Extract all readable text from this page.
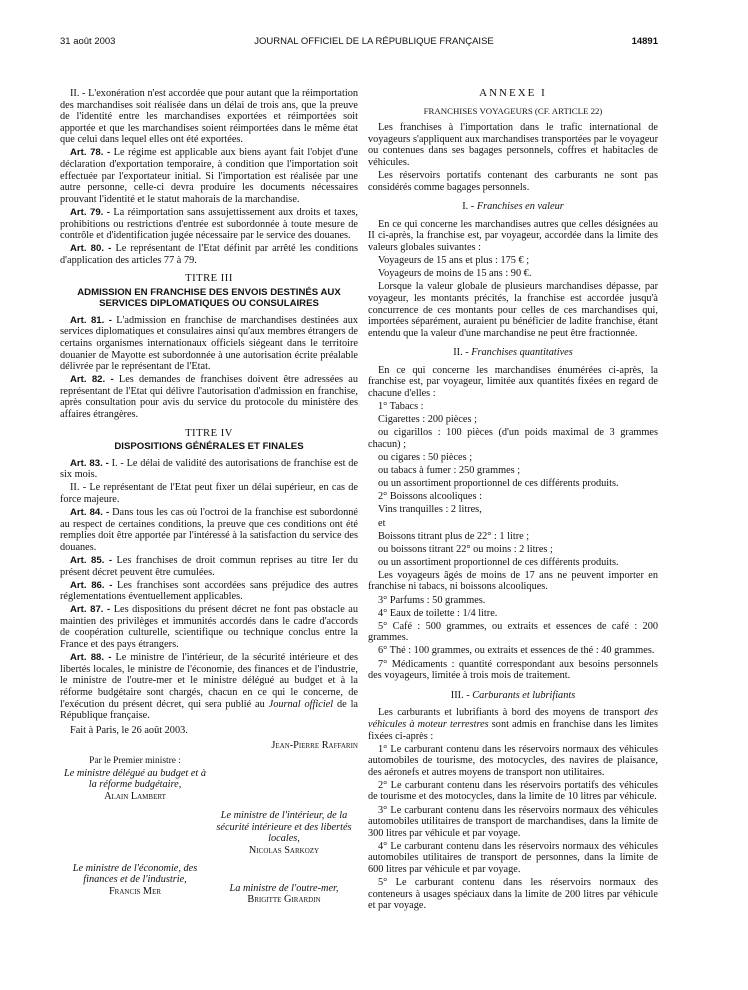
31 août 2003	JOURNAL OFFICIEL DE LA RÉPUBLIQUE FRANÇAISE	14891

II. - L'exonération n'est accordée que pour autant que la réimportation des marchandises soit réalisée dans un délai de trois ans, que la preuve de l'identité entre les marchandises exportées et réimportées soit apportée et que les marchandises soient réimportées dans le même état que celui dans lequel elles ont été exportées.

Art. 78. - Le régime est applicable aux biens ayant fait l'objet d'une déclaration d'exportation temporaire, à condition que l'importation soit effectuée par l'exportateur initial. Si l'importation est réalisée par une autre personne, celle-ci devra produire les documents nécessaires prouvant l'identité et le statut mahorais de la marchandise.

Art. 79. - La réimportation sans assujettissement aux droits et taxes, prohibitions ou restrictions d'entrée est subordonnée à toute mesure de contrôle et d'identification jugée nécessaire par le service des douanes.

Art. 80. - Le représentant de l'Etat définit par arrêté les conditions d'application des articles 77 à 79.

TITRE III

ADMISSION EN FRANCHISE DES ENVOIS DESTINÉS AUX SERVICES DIPLOMATIQUES OU CONSULAIRES

Art. 81. - L'admission en franchise de marchandises destinées aux services diplomatiques et consulaires ainsi qu'aux membres étrangers de certains organismes internationaux officiels siégeant dans le territoire douanier de Mayotte est subordonnée à une autorisation écrite préalable délivrée par le représentant de l'Etat.

Art. 82. - Les demandes de franchises doivent être adressées au représentant de l'Etat qui délivre l'autorisation d'admission en franchise, après consultation pour avis du service du protocole du ministère des affaires étrangères.

TITRE IV

DISPOSITIONS GÉNÉRALES ET FINALES

Art. 83. - I. - Le délai de validité des autorisations de franchise est de six mois.

II. - Le représentant de l'Etat peut fixer un délai supérieur, en cas de force majeure.

Art. 84. - Dans tous les cas où l'octroi de la franchise est subordonné au respect de certaines conditions, la preuve que ces conditions ont été remplies doit être apportée par l'intéressé à la satisfaction du service des douanes.

Art. 85. - Les franchises de droit commun reprises au titre Ier du présent décret peuvent être cumulées.

Art. 86. - Les franchises sont accordées sans préjudice des autres réglementations éventuellement applicables.

Art. 87. - Les dispositions du présent décret ne font pas obstacle au maintien des privilèges et immunités accordés dans le cadre d'accords de coopération culturelle, scientifique ou technique conclus entre la France et des pays étrangers.

Art. 88. - Le ministre de l'intérieur, de la sécurité intérieure et des libertés locales, le ministre de l'économie, des finances et de l'industrie, le ministre de l'outre-mer et le ministre délégué au budget et à la réforme budgétaire sont chargés, chacun en ce qui le concerne, de l'exécution du présent décret, qui sera publié au Journal officiel de la République française.

Fait à Paris, le 26 août 2003.

Jean-Pierre Raffarin

Par le Premier ministre :

Le ministre délégué au budget et à la réforme budgétaire,

Alain Lambert

Le ministre de l'intérieur, de la sécurité intérieure et des libertés locales,

Nicolas Sarkozy

Le ministre de l'économie, des finances et de l'industrie,

Francis Mer	La ministre de l'outre-mer,

Brigitte Girardin

ANNEXE I

FRANCHISES VOYAGEURS (CF. ARTICLE 22)

Les franchises à l'importation dans le trafic international de voyageurs s'appliquent aux marchandises transportées par le voyageur ou contenues dans ses bagages personnels, coffres et habitacles de véhicules.

Les réservoirs portatifs contenant des carburants ne sont pas considérés comme bagages personnels.

I. - Franchises en valeur

En ce qui concerne les marchandises autres que celles désignées au II ci-après, la franchise est, par voyageur, accordée dans la limite des valeurs globales suivantes :

Voyageurs de 15 ans et plus : 175 € ;

Voyageurs de moins de 15 ans : 90 €.

Lorsque la valeur globale de plusieurs marchandises dépasse, par voyageur, les montants précités, la franchise est accordée jusqu'à concurrence de ces montants pour celles de ces marchandises qui, importées séparément, auraient pu bénéficier de ladite franchise, étant entendu que la valeur d'une marchandise ne peut être fractionnée.

II. - Franchises quantitatives

En ce qui concerne les marchandises énumérées ci-après, la franchise est, par voyageur, limitée aux quantités fixées en regard de chacune d'elles :

1° Tabacs :

Cigarettes : 200 pièces ;

ou cigarillos : 100 pièces (d'un poids maximal de 3 grammes chacun) ;

ou cigares : 50 pièces ;

ou tabacs à fumer : 250 grammes ;

ou un assortiment proportionnel de ces différents produits.

2° Boissons alcooliques :

Vins tranquilles : 2 litres,

et

Boissons titrant plus de 22° : 1 litre ;

ou boissons titrant 22° ou moins : 2 litres ;

ou un assortiment proportionnel de ces différents produits.

Les voyageurs âgés de moins de 17 ans ne peuvent importer en franchise ni tabacs, ni boissons alcooliques.

3° Parfums : 50 grammes.

4° Eaux de toilette : 1/4 litre.

5° Café : 500 grammes, ou extraits et essences de café : 200 grammes.

6° Thé : 100 grammes, ou extraits et essences de thé : 40 grammes.

7° Médicaments : quantité correspondant aux besoins personnels des voyageurs, limitée à trois mois de traitement.

III. - Carburants et lubrifiants

Les carburants et lubrifiants à bord des moyens de transport des véhicules à moteur terrestres sont admis en franchise dans les limites fixées ci-après :

1° Le carburant contenu dans les réservoirs normaux des véhicules automobiles de tourisme, des motocycles, des navires de plaisance, des aéronefs et autres moyens de transport non utilitaires.

2° Le carburant contenu dans les réservoirs portatifs des véhicules de tourisme et des motocycles, dans la limite de 10 litres par véhicule.

3° Le carburant contenu dans les réservoirs normaux des véhicules automobiles utilitaires de transport de marchandises, dans la limite de 300 litres par véhicule et par voyage.

4° Le carburant contenu dans les réservoirs normaux des véhicules automobiles utilitaires de transport de personnes, dans la limite de 600 litres par véhicule et par voyage.

5° Le carburant contenu dans les réservoirs normaux des conteneurs à usages spéciaux dans la limite de 200 litres par véhicule et par voyage.
